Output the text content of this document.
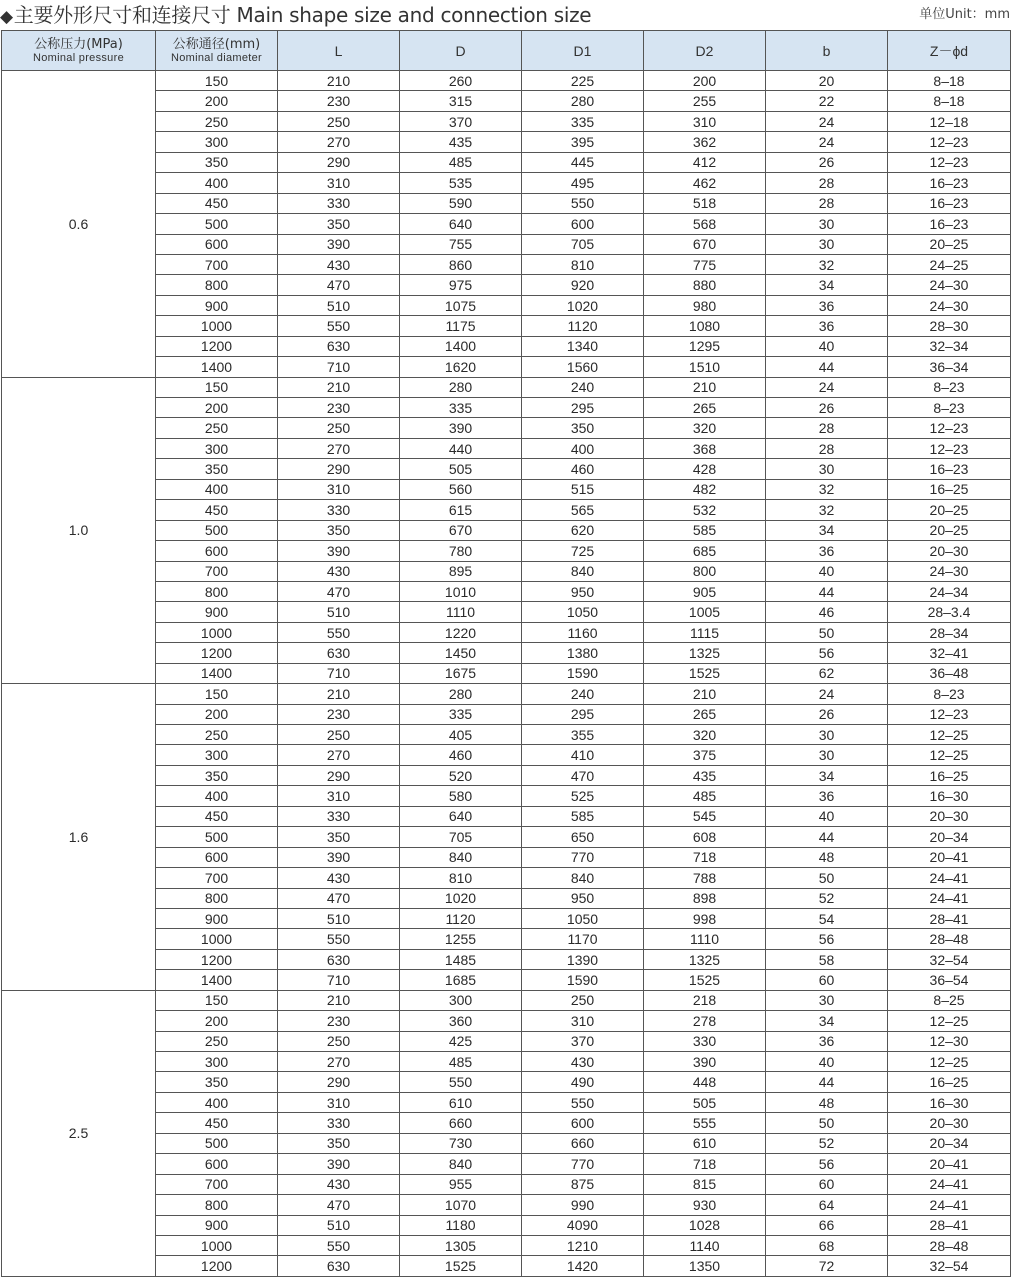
◆主要外形尺寸和连接尺寸 Main shape size and connection size	单位Unit：mm
公称压力(MPa)
Nominal pressure	公称通径(mm)
Nominal diameter	L	D	D1	D2	b	Z－ϕd
0.6	150	210	260	225	200	20	8–18
	200	230	315	280	255	22	8–18
	250	250	370	335	310	24	12–18
	300	270	435	395	362	24	12–23
	350	290	485	445	412	26	12–23
	400	310	535	495	462	28	16–23
	450	330	590	550	518	28	16–23
	500	350	640	600	568	30	16–23
	600	390	755	705	670	30	20–25
	700	430	860	810	775	32	24–25
	800	470	975	920	880	34	24–30
	900	510	1075	1020	980	36	24–30
	1000	550	1175	1120	1080	36	28–30
	1200	630	1400	1340	1295	40	32–34
	1400	710	1620	1560	1510	44	36–34
1.0	150	210	280	240	210	24	8–23
	200	230	335	295	265	26	8–23
	250	250	390	350	320	28	12–23
	300	270	440	400	368	28	12–23
	350	290	505	460	428	30	16–23
	400	310	560	515	482	32	16–25
	450	330	615	565	532	32	20–25
	500	350	670	620	585	34	20–25
	600	390	780	725	685	36	20–30
	700	430	895	840	800	40	24–30
	800	470	1010	950	905	44	24–34
	900	510	1110	1050	1005	46	28–3.4
	1000	550	1220	1160	1115	50	28–34
	1200	630	1450	1380	1325	56	32–41
	1400	710	1675	1590	1525	62	36–48
1.6	150	210	280	240	210	24	8–23
	200	230	335	295	265	26	12–23
	250	250	405	355	320	30	12–25
	300	270	460	410	375	30	12–25
	350	290	520	470	435	34	16–25
	400	310	580	525	485	36	16–30
	450	330	640	585	545	40	20–30
	500	350	705	650	608	44	20–34
	600	390	840	770	718	48	20–41
	700	430	810	840	788	50	24–41
	800	470	1020	950	898	52	24–41
	900	510	1120	1050	998	54	28–41
	1000	550	1255	1170	1110	56	28–48
	1200	630	1485	1390	1325	58	32–54
	1400	710	1685	1590	1525	60	36–54
2.5	150	210	300	250	218	30	8–25
	200	230	360	310	278	34	12–25
	250	250	425	370	330	36	12–30
	300	270	485	430	390	40	12–25
	350	290	550	490	448	44	16–25
	400	310	610	550	505	48	16–30
	450	330	660	600	555	50	20–30
	500	350	730	660	610	52	20–34
	600	390	840	770	718	56	20–41
	700	430	955	875	815	60	24–41
	800	470	1070	990	930	64	24–41
	900	510	1180	4090	1028	66	28–41
	1000	550	1305	1210	1140	68	28–48
	1200	630	1525	1420	1350	72	32–54
